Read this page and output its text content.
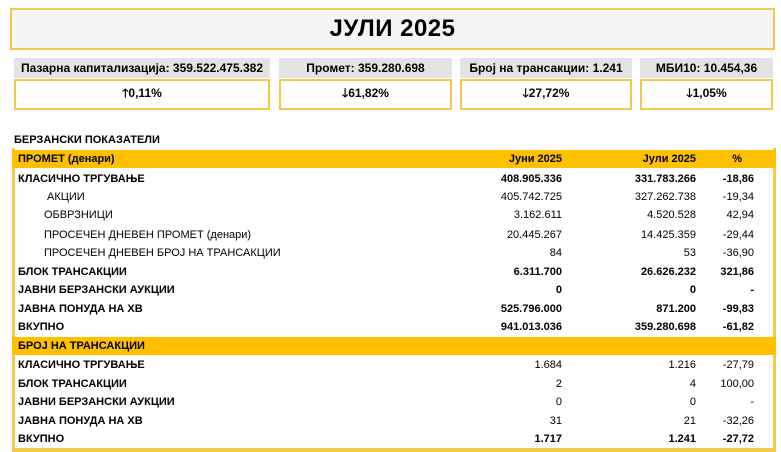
ЈУЛИ 2025
Пазарна капитализација: 359.522.475.382
🡑0,11%
Промет: 359.280.698
🡓61,82%
Број на трансакции: 1.241
🡓27,72%
МБИ10: 10.454,36
🡓1,05%
БЕРЗАНСКИ ПОКАЗАТЕЛИ
ПРОМЕТ (денари)	Јуни 2025	Јули 2025	%
КЛАСИЧНО ТРГУВАЊЕ	408.905.336	331.783.266 -18,86
АКЦИИ	405.742.725	327.262.738 -19,34
ОБВРЗНИЦИ	3.162.611	4.520.528	42,94
ПРОСЕЧЕН ДНЕВЕН ПРОМЕТ (денари)	20.445.267	14.425.359 -29,44
ПРОСЕЧЕН ДНЕВЕН БРОЈ НА ТРАНСАКЦИИ	84	53 -36,90
БЛОК ТРАНСАКЦИИ	6.311.700	26.626.232 321,86
ЈАВНИ БЕРЗАНСКИ АУКЦИИ	0	0	-
ЈАВНА ПОНУДА НА ХВ	525.796.000	871.200 -99,83
ВКУПНО	941.013.036	359.280.698 -61,82
БРОЈ НА ТРАНСАКЦИИ
КЛАСИЧНО ТРГУВАЊЕ	1.684	1.216 -27,79
БЛОК ТРАНСАКЦИИ	2	4 100,00
ЈАВНИ БЕРЗАНСКИ АУКЦИИ	0	0	-
ЈАВНА ПОНУДА НА ХВ	31	21 -32,26
ВКУПНО	1.717	1.241 -27,72
